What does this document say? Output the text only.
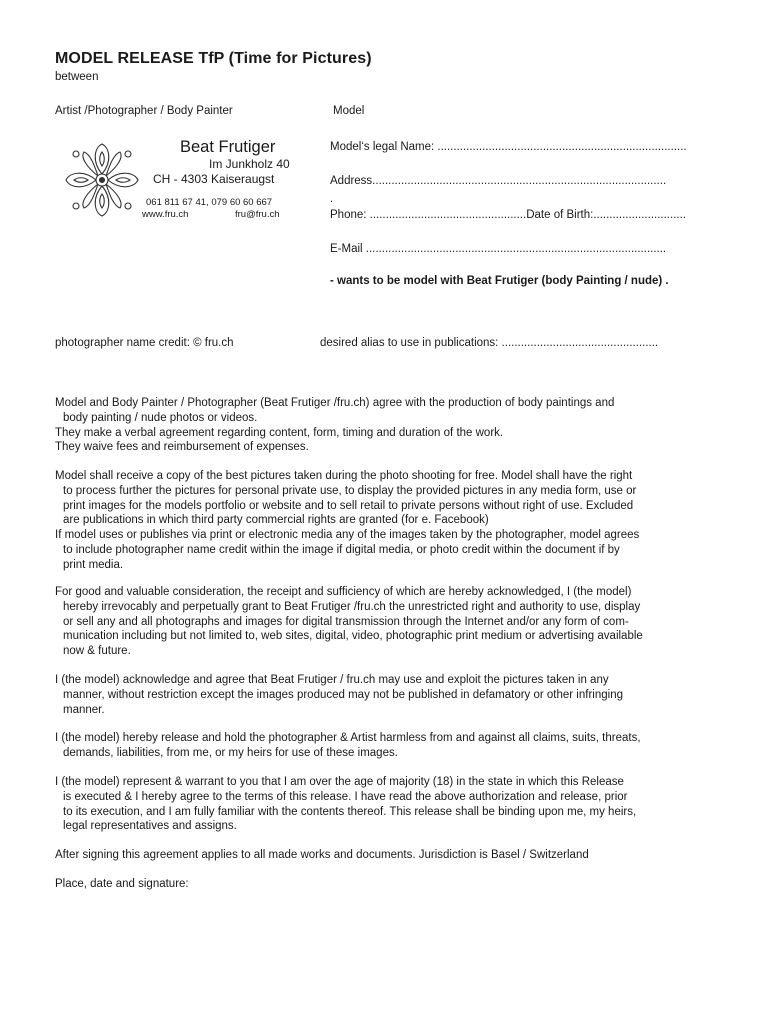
MODEL RELEASE TfP (Time for Pictures)
between
Artist /Photographer / Body Painter	Model
Beat Frutiger
Im Junkholz 40
CH - 4303 Kaiseraugst
061 811 67 41, 079 60 60 667
www.fru.ch	fru@fru.ch
Model‘s legal Name: ..............................................................................
Address............................................................................................
.
Phone: .................................................Date of Birth:.............................
E-Mail ..............................................................................................
- wants to be model with Beat Frutiger (body Painting / nude) .
photographer name credit: © fru.ch	desired alias to use in publications: .................................................
Model and Body Painter / Photographer (Beat Frutiger /fru.ch) agree with the production of body paintings and
body painting / nude photos or videos.
They make a verbal agreement regarding content, form, timing and duration of the work.
They waive fees and reimbursement of expenses.
Model shall receive a copy of the best pictures taken during the photo shooting for free. Model shall have the right
to process further the pictures for personal private use, to display the provided pictures in any media form, use or
print images for the models portfolio or website and to sell retail to private persons without right of use. Excluded
are publications in which third party commercial rights are granted (for e. Facebook)
If model uses or publishes via print or electronic media any of the images taken by the photographer, model agrees
to include photographer name credit within the image if digital media, or photo credit within the document if by
print media.
For good and valuable consideration, the receipt and sufficiency of which are hereby acknowledged, I (the model)
hereby irrevocably and perpetually grant to Beat Frutiger /fru.ch the unrestricted right and authority to use, display
or sell any and all photographs and images for digital transmission through the Internet and/or any form of com-
munication including but not limited to, web sites, digital, video, photographic print medium or advertising available
now & future.
I (the model) acknowledge and agree that Beat Frutiger / fru.ch may use and exploit the pictures taken in any
manner, without restriction except the images produced may not be published in defamatory or other infringing
manner.
I (the model) hereby release and hold the photographer & Artist harmless from and against all claims, suits, threats,
demands, liabilities, from me, or my heirs for use of these images.
I (the model) represent & warrant to you that I am over the age of majority (18) in the state in which this Release
is executed & I hereby agree to the terms of this release. I have read the above authorization and release, prior
to its execution, and I am fully familiar with the contents thereof. This release shall be binding upon me, my heirs,
legal representatives and assigns.
After signing this agreement applies to all made works and documents. Jurisdiction is Basel / Switzerland
Place, date and signature:
